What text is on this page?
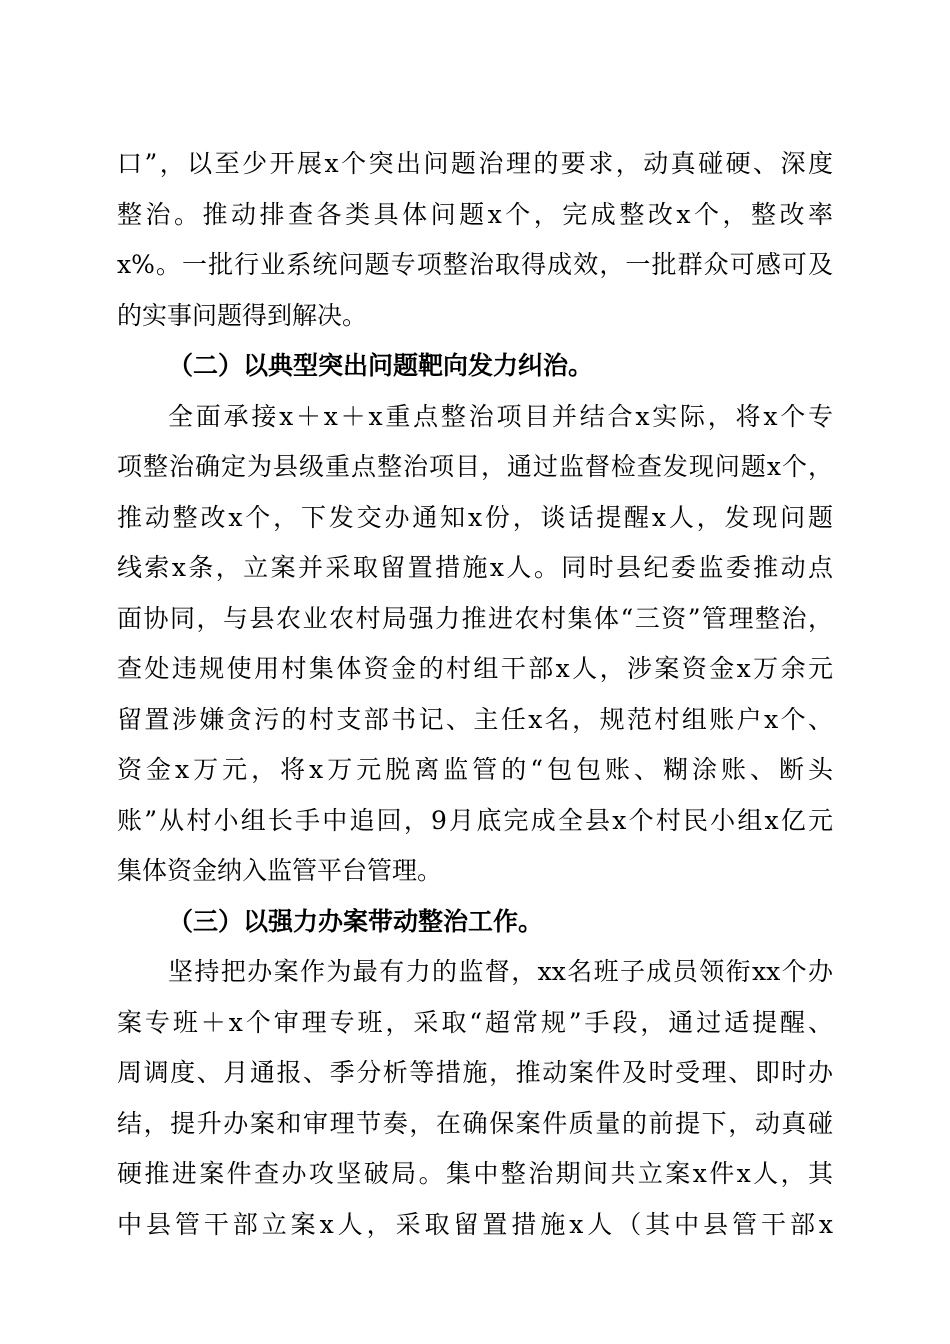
口”，以至少开展x个突出问题治理的要求，动真碰硬、深度
整治。推动排查各类具体问题x个，完成整改x个，整改率
x%。一批行业系统问题专项整治取得成效，一批群众可感可及
的实事问题得到解决。
（二）以典型突出问题靶向发力纠治。
全面承接x＋x＋x重点整治项目并结合x实际，将x个专
项整治确定为县级重点整治项目，通过监督检查发现问题x个，
推动整改x个，下发交办通知x份，谈话提醒x人，发现问题
线索x条，立案并采取留置措施x人。同时县纪委监委推动点
面协同，与县农业农村局强力推进农村集体“三资”管理整治，
查处违规使用村集体资金的村组干部x人，涉案资金x万余元
留置涉嫌贪污的村支部书记、主任x名，规范村组账户x个、
资金x万元，将x万元脱离监管的“包包账、糊涂账、断头
账”从村小组长手中追回，9月底完成全县x个村民小组x亿元
集体资金纳入监管平台管理。
（三）以强力办案带动整治工作。
坚持把办案作为最有力的监督，xx名班子成员领衔xx个办
案专班＋x个审理专班，采取“超常规”手段，通过适提醒、
周调度、月通报、季分析等措施，推动案件及时受理、即时办
结，提升办案和审理节奏，在确保案件质量的前提下，动真碰
硬推进案件查办攻坚破局。集中整治期间共立案x件x人，其
中县管干部立案x人，采取留置措施x人（其中县管干部x
